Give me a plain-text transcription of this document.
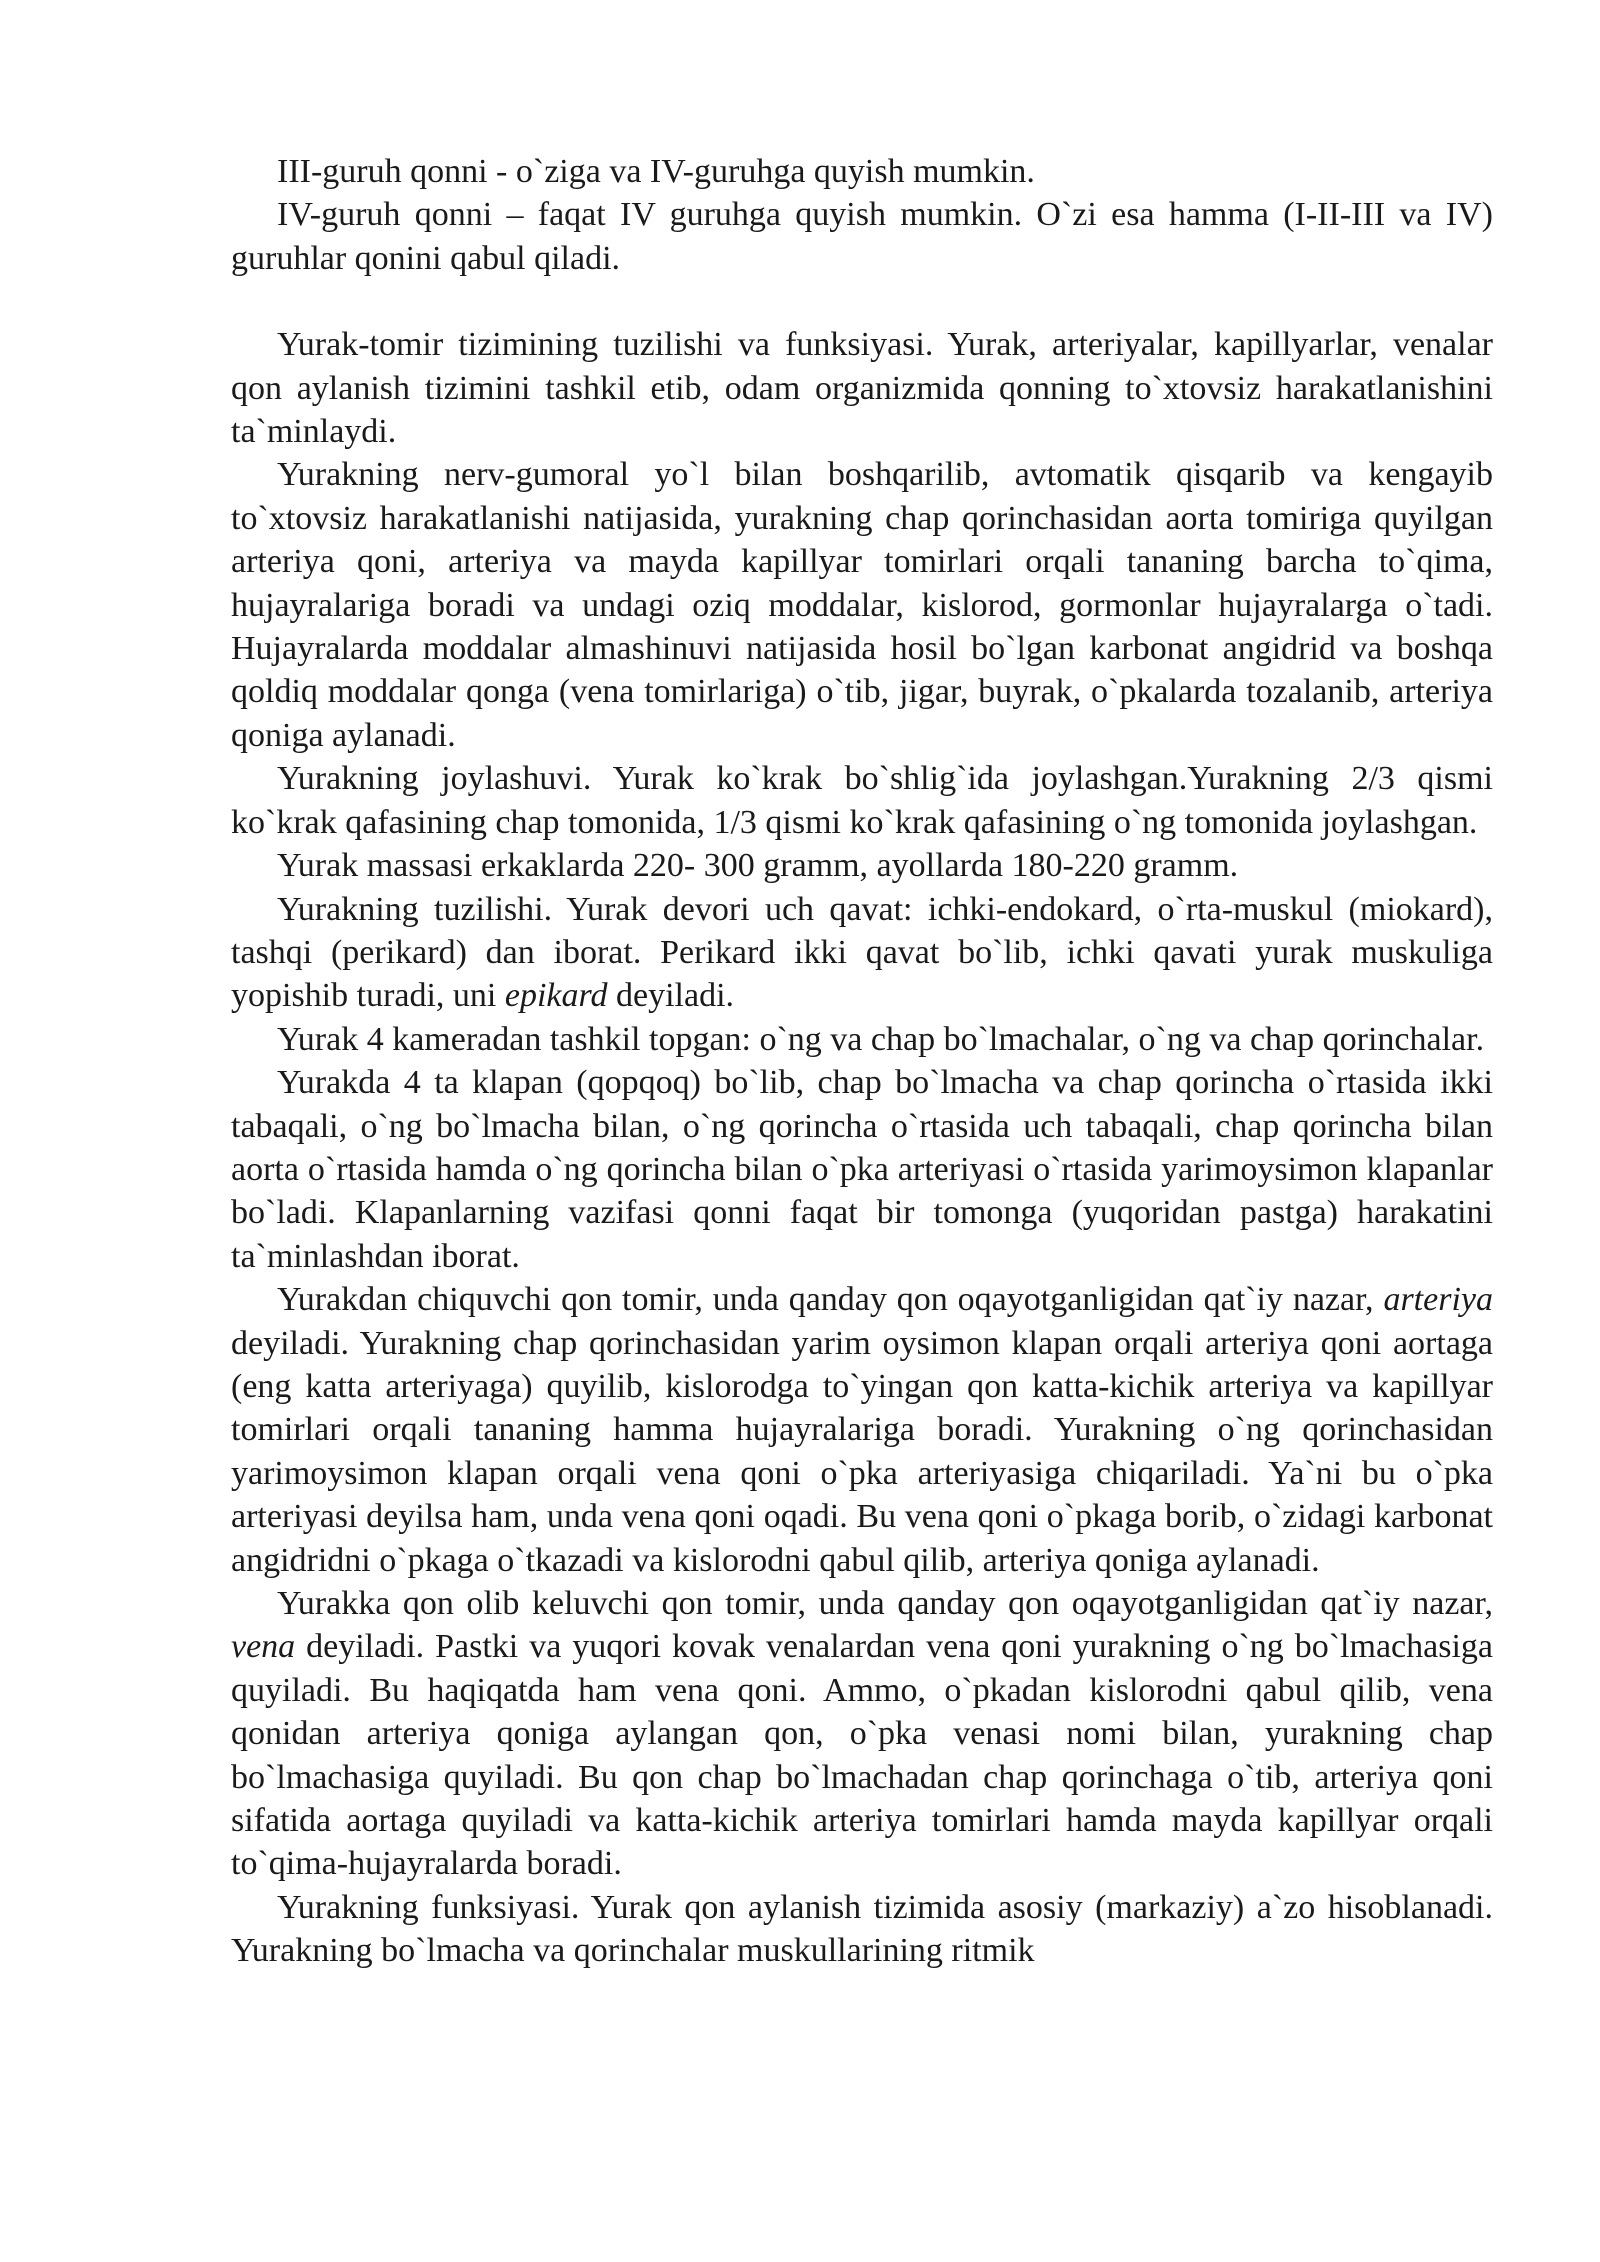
III-guruh qonni - o`ziga va IV-guruhga quyish mumkin.

IV-guruh qonni – faqat IV guruhga quyish mumkin. O`zi esa hamma (I-II-III va IV) guruhlar qonini qabul qiladi.

Yurak-tomir tizimining tuzilishi va funksiyasi. Yurak, arteriyalar, kapillyarlar, venalar qon aylanish tizimini tashkil etib, odam organizmida qonning to`xtovsiz harakatlanishini ta`minlaydi.

Yurakning nerv-gumoral yo`l bilan boshqarilib, avtomatik qisqarib va kengayib to`xtovsiz harakatlanishi natijasida, yurakning chap qorinchasidan aorta tomiriga quyilgan arteriya qoni, arteriya va mayda kapillyar tomirlari orqali tananing barcha to`qima, hujayralariga boradi va undagi oziq moddalar, kislorod, gormonlar hujayralarga o`tadi. Hujayralarda moddalar almashinuvi natijasida hosil bo`lgan karbonat angidrid va boshqa qoldiq moddalar qonga (vena tomirlariga) o`tib, jigar, buyrak, o`pkalarda tozalanib, arteriya qoniga aylanadi.

Yurakning joylashuvi. Yurak ko`krak bo`shlig`ida joylashgan.Yurakning 2/3 qismi ko`krak qafasining chap tomonida, 1/3 qismi ko`krak qafasining o`ng tomonida joylashgan.

Yurak massasi erkaklarda 220- 300 gramm, ayollarda 180-220 gramm.

Yurakning tuzilishi. Yurak devori uch qavat: ichki-endokard, o`rta-muskul (miokard), tashqi (perikard) dan iborat. Perikard ikki qavat bo`lib, ichki qavati yurak muskuliga yopishib turadi, uni epikard deyiladi.

Yurak 4 kameradan tashkil topgan: o`ng va chap bo`lmachalar, o`ng va chap qorinchalar.

Yurakda 4 ta klapan (qopqoq) bo`lib, chap bo`lmacha va chap qorincha o`rtasida ikki tabaqali, o`ng bo`lmacha bilan, o`ng qorincha o`rtasida uch tabaqali, chap qorincha bilan aorta o`rtasida hamda o`ng qorincha bilan o`pka arteriyasi o`rtasida yarimoysimon klapanlar bo`ladi. Klapanlarning vazifasi qonni faqat bir tomonga (yuqoridan pastga) harakatini ta`minlashdan iborat.

Yurakdan chiquvchi qon tomir, unda qanday qon oqayotganligidan qat`iy nazar, arteriya deyiladi. Yurakning chap qorinchasidan yarim oysimon klapan orqali arteriya qoni aortaga (eng katta arteriyaga) quyilib, kislorodga to`yingan qon katta-kichik arteriya va kapillyar tomirlari orqali tananing hamma hujayralariga boradi. Yurakning o`ng qorinchasidan yarimoysimon klapan orqali vena qoni o`pka arteriyasiga chiqariladi. Ya`ni bu o`pka arteriyasi deyilsa ham, unda vena qoni oqadi. Bu vena qoni o`pkaga borib, o`zidagi karbonat angidridni o`pkaga o`tkazadi va kislorodni qabul qilib, arteriya qoniga aylanadi.

Yurakka qon olib keluvchi qon tomir, unda qanday qon oqayotganligidan qat`iy nazar, vena deyiladi. Pastki va yuqori kovak venalardan vena qoni yurakning o`ng bo`lmachasiga quyiladi. Bu haqiqatda ham vena qoni. Ammo, o`pkadan kislorodni qabul qilib, vena qonidan arteriya qoniga aylangan qon, o`pka venasi nomi bilan, yurakning chap bo`lmachasiga quyiladi. Bu qon chap bo`lmachadan chap qorinchaga o`tib, arteriya qoni sifatida aortaga quyiladi va katta-kichik arteriya tomirlari hamda mayda kapillyar orqali to`qima-hujayralarda boradi.

Yurakning funksiyasi. Yurak qon aylanish tizimida asosiy (markaziy) a`zo hisoblanadi. Yurakning bo`lmacha va qorinchalar muskullarining ritmik
